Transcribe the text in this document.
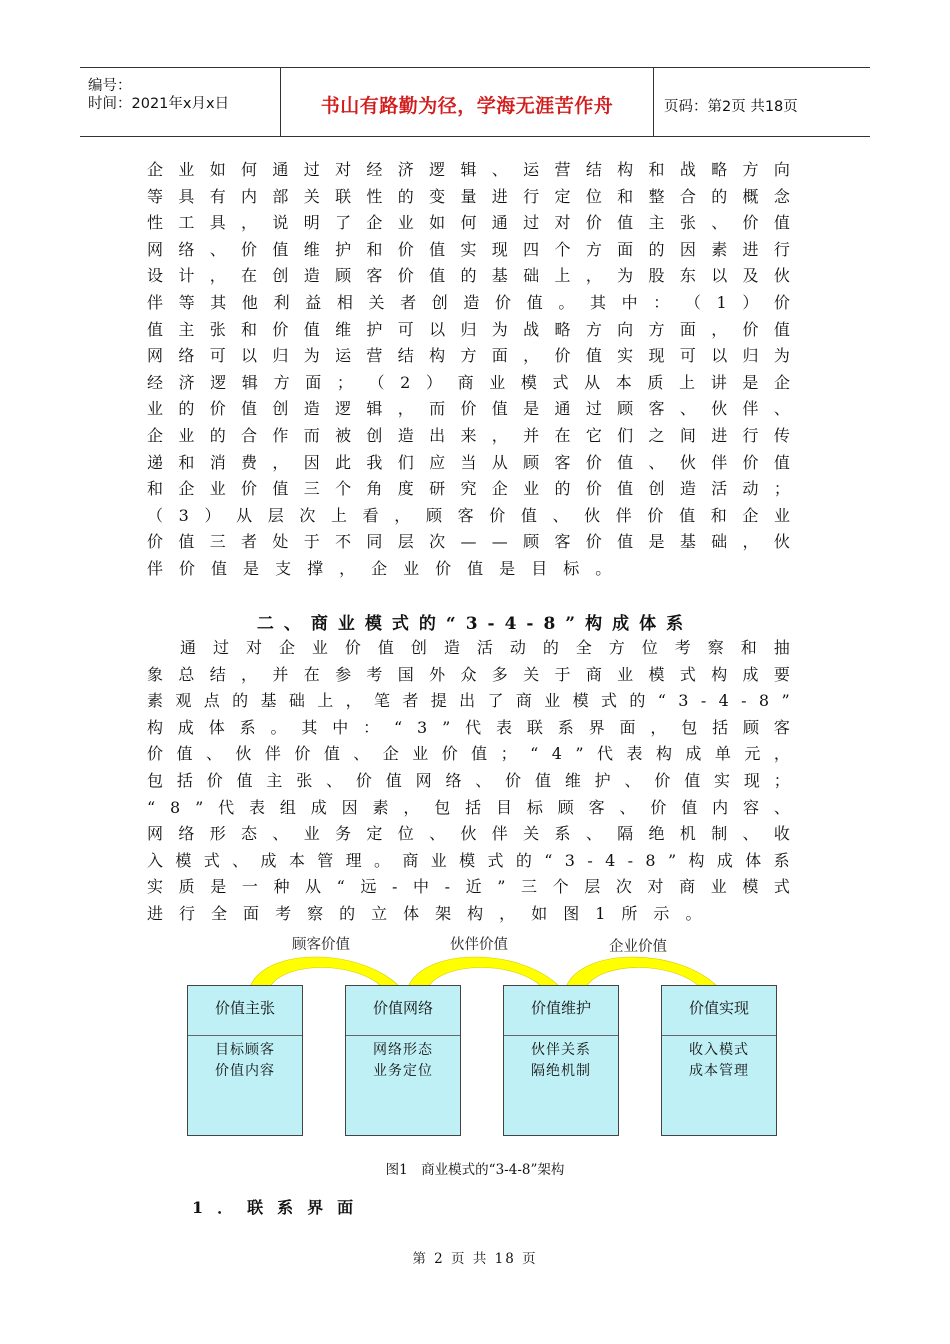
编号：
时间：2021年x月x日	书山有路勤为径，学海无涯苦作舟	页码：第2页 共18页
企 业 如 何 通 过 对 经 济 逻 辑 、 运 营 结 构 和 战 略 方 向
等 具 有 内 部 关 联 性 的 变 量 进 行 定 位 和 整 合 的 概 念
性 工 具 ， 说 明 了 企 业 如 何 通 过 对 价 值 主 张 、 价 值
网 络 、 价 值 维 护 和 价 值 实 现 四 个 方 面 的 因 素 进 行
设 计 ， 在 创 造 顾 客 价 值 的 基 础 上 ， 为 股 东 以 及 伙
伴 等 其 他 利 益 相 关 者 创 造 价 值 。 其 中 ： （ 1 ） 价
值 主 张 和 价 值 维 护 可 以 归 为 战 略 方 向 方 面 ， 价 值
网 络 可 以 归 为 运 营 结 构 方 面 ， 价 值 实 现 可 以 归 为
经 济 逻 辑 方 面 ； （ 2 ） 商 业 模 式 从 本 质 上 讲 是 企
业 的 价 值 创 造 逻 辑 ， 而 价 值 是 通 过 顾 客 、 伙 伴 、
企 业 的 合 作 而 被 创 造 出 来 ， 并 在 它 们 之 间 进 行 传
递 和 消 费 ， 因 此 我 们 应 当 从 顾 客 价 值 、 伙 伴 价 值
和 企 业 价 值 三 个 角 度 研 究 企 业 的 价 值 创 造 活 动 ；
（ 3 ） 从 层 次 上 看 ， 顾 客 价 值 、 伙 伴 价 值 和 企 业
价 值 三 者 处 于 不 同 层 次 — — 顾 客 价 值 是 基 础 ， 伙
伴 价 值 是 支 撑 ， 企 业 价 值 是 目 标 。
二、商业模式的“3-4-8”构成体系

通 过 对 企 业 价 值 创 造 活 动 的 全 方 位 考 察 和 抽
象 总 结 ， 并 在 参 考 国 外 众 多 关 于 商 业 模 式 构 成 要
素 观 点 的 基 础 上 ， 笔 者 提 出 了 商 业 模 式 的 “ 3 - 4 - 8 ”
构 成 体 系 。 其 中 ： “ 3 ” 代 表 联 系 界 面 ， 包 括 顾 客
价 值 、 伙 伴 价 值 、 企 业 价 值 ； “ 4 ” 代 表 构 成 单 元 ，
包 括 价 值 主 张 、 价 值 网 络 、 价 值 维 护 、 价 值 实 现 ；
“ 8 ” 代 表 组 成 因 素 ， 包 括 目 标 顾 客 、 价 值 内 容 、
网 络 形 态 、 业 务 定 位 、 伙 伴 关 系 、 隔 绝 机 制 、 收
入 模 式 、 成 本 管 理 。 商 业 模 式 的 “ 3 - 4 - 8 ” 构 成 体 系
实 质 是 一 种 从 “ 远 - 中 - 近 ” 三 个 层 次 对 商 业 模 式
进 行 全 面 考 察 的 立 体 架 构 ， 如 图 1 所 示 。
顾客价值	伙伴价值	企业价值
价值主张
目标顾客
价值内容
价值网络
网络形态
业务定位
价值维护
伙伴关系
隔绝机制
价值实现
收入模式
成本管理
图1　商业模式的“3-4-8”架构
1．联系界面
第 2 页 共 18 页
